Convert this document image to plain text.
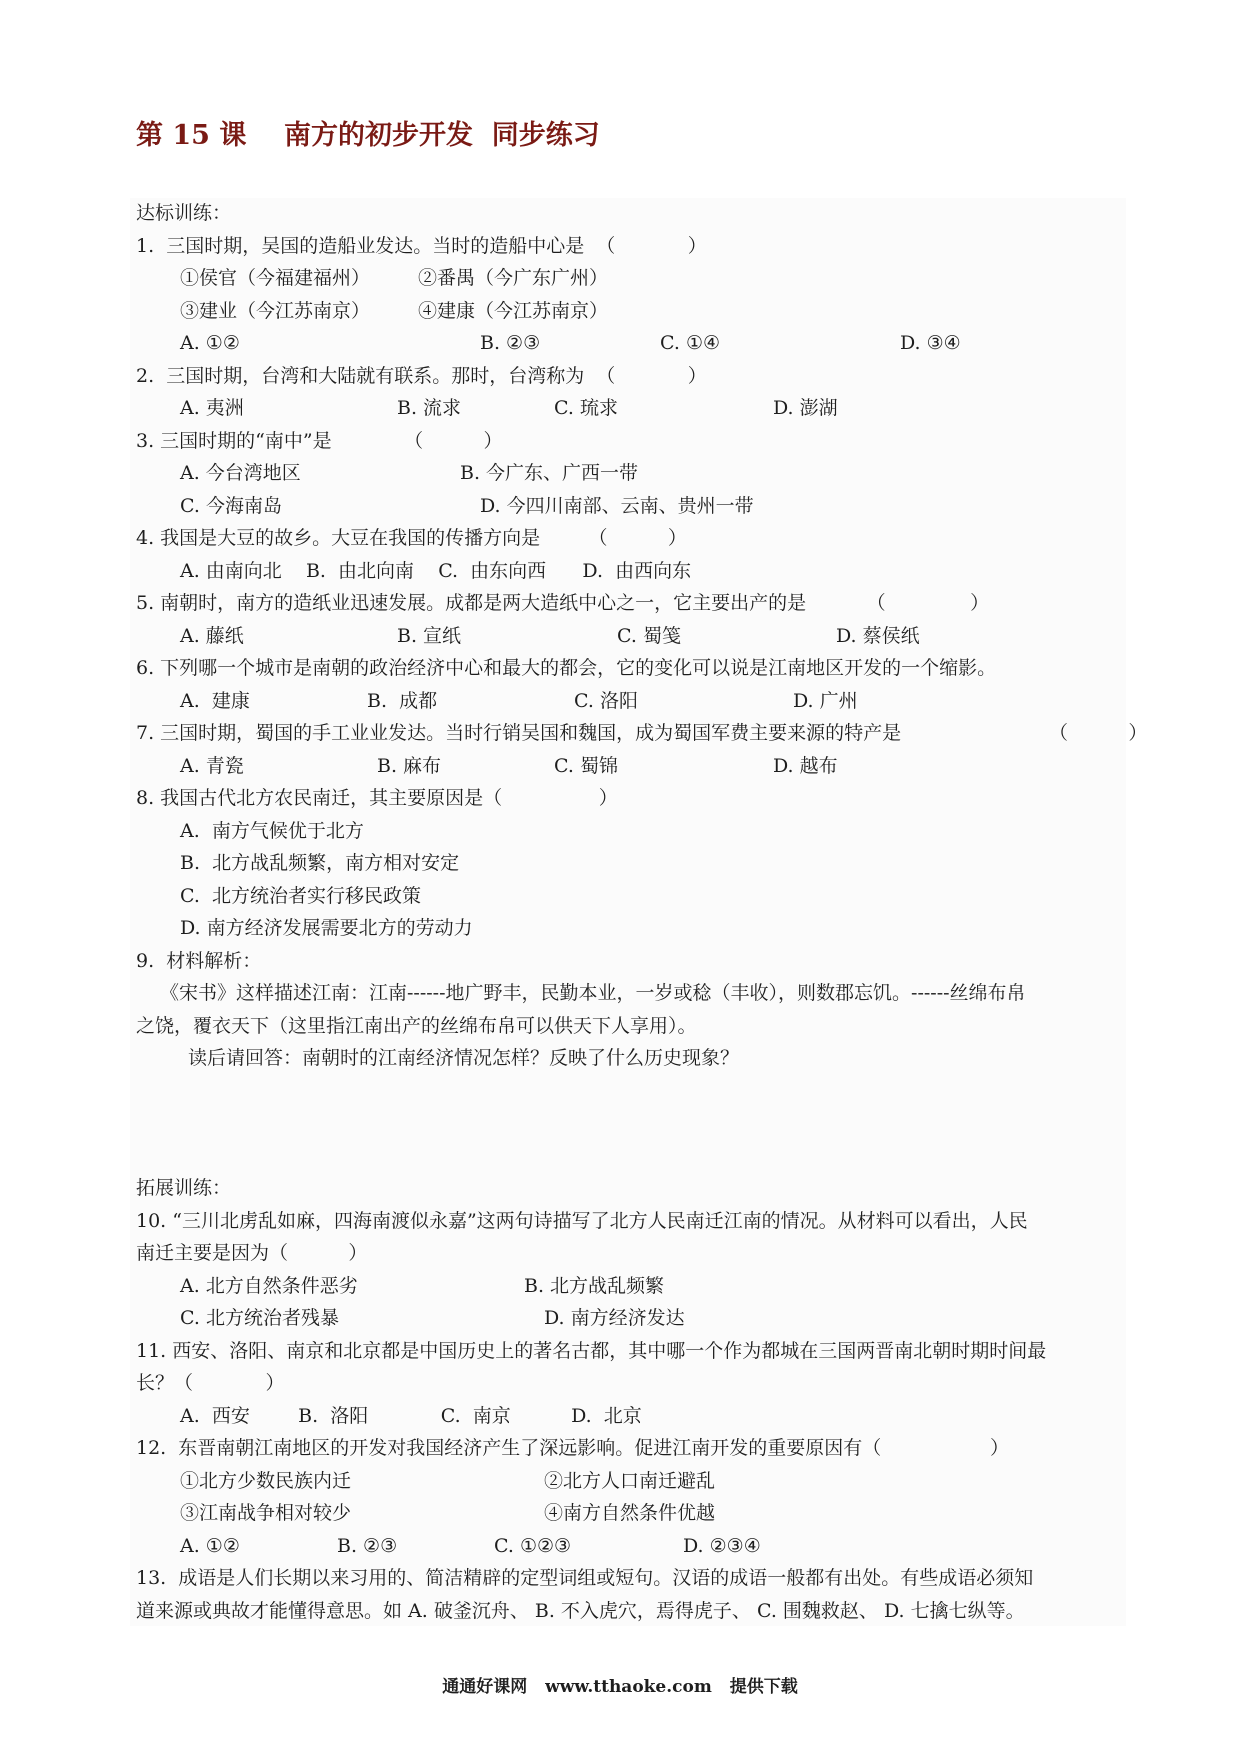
第 15 课    南方的初步开发  同步练习
达标训练：
1.  三国时期，吴国的造船业发达。当时的造船中心是  （            ）
①侯官（今福建福州）	②番禺（今广东广州）
③建业（今江苏南京）	④建康（今江苏南京）
A. ①②	B. ②③	C. ①④	D. ③④
2.  三国时期，台湾和大陆就有联系。那时，台湾称为  （            ）
A. 夷洲	B. 流求	C. 琉求	D. 澎湖
3. 三国时期的“南中”是            （          ）
A. 今台湾地区	B. 今广东、广西一带
C. 今海南岛	D. 今四川南部、云南、贵州一带
4. 我国是大豆的故乡。大豆在我国的传播方向是        （          ）
A. 由南向北    B.  由北向南    C.  由东向西      D.  由西向东
5. 南朝时，南方的造纸业迅速发展。成都是两大造纸中心之一，它主要出产的是          （              ）
A. 藤纸	B. 宣纸	C. 蜀笺	D. 蔡侯纸
6. 下列哪一个城市是南朝的政治经济中心和最大的都会，它的变化可以说是江南地区开发的一个缩影。
A.  建康	B.  成都	C. 洛阳	D. 广州
7. 三国时期，蜀国的手工业业发达。当时行销吴国和魏国，成为蜀国军费主要来源的特产是	（          ）
A. 青瓷	B. 麻布	C. 蜀锦	D. 越布
8. 我国古代北方农民南迁，其主要原因是（                ）
A.  南方气候优于北方
B.  北方战乱频繁，南方相对安定
C.  北方统治者实行移民政策
D. 南方经济发展需要北方的劳动力
9.  材料解析：
《宋书》这样描述江南：江南------地广野丰，民勤本业，一岁或稔（丰收），则数郡忘饥。------丝绵布帛
之饶，覆衣天下（这里指江南出产的丝绵布帛可以供天下人享用）。
读后请回答：南朝时的江南经济情况怎样？反映了什么历史现象？
拓展训练：
10. “三川北虏乱如麻，四海南渡似永嘉”这两句诗描写了北方人民南迁江南的情况。从材料可以看出，人民
南迁主要是因为（          ）
A. 北方自然条件恶劣	B. 北方战乱频繁
C. 北方统治者残暴	D. 南方经济发达
11. 西安、洛阳、南京和北京都是中国历史上的著名古都，其中哪一个作为都城在三国两晋南北朝时期时间最
长？（            ）
A.  西安        B.  洛阳            C.  南京          D.  北京
12.  东晋南朝江南地区的开发对我国经济产生了深远影响。促进江南开发的重要原因有（                  ）
①北方少数民族内迁	②北方人口南迁避乱
③江南战争相对较少	④南方自然条件优越
A. ①②	B. ②③	C. ①②③	D. ②③④
13.  成语是人们长期以来习用的、简洁精辟的定型词组或短句。汉语的成语一般都有出处。有些成语必须知
道来源或典故才能懂得意思。如 A. 破釜沉舟、 B. 不入虎穴，焉得虎子、 C. 围魏救赵、 D. 七擒七纵等。
通通好课网 www.tthaoke.com 提供下载
